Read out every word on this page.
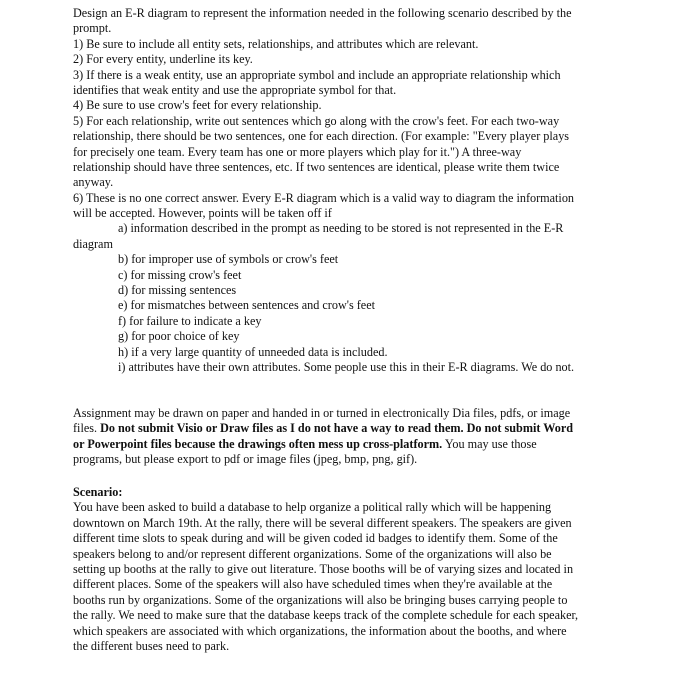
Design an E-R diagram to represent the information needed in the following scenario described by the
prompt.
1) Be sure to include all entity sets, relationships, and attributes which are relevant.
2) For every entity, underline its key.
3) If there is a weak entity, use an appropriate symbol and include an appropriate relationship which
identifies that weak entity and use the appropriate symbol for that.
4) Be sure to use crow's feet for every relationship.
5) For each relationship, write out sentences which go along with the crow's feet. For each two-way
relationship, there should be two sentences, one for each direction. (For example: "Every player plays
for precisely one team. Every team has one or more players which play for it.") A three-way
relationship should have three sentences, etc. If two sentences are identical, please write them twice
anyway.
6) These is no one correct answer. Every E-R diagram which is a valid way to diagram the information
will be accepted. However, points will be taken off if
a) information described in the prompt as needing to be stored is not represented in the E-R
diagram
b) for improper use of symbols or crow's feet
c) for missing crow's feet
d) for missing sentences
e) for mismatches between sentences and crow's feet
f) for failure to indicate a key
g) for poor choice of key
h) if a very large quantity of unneeded data is included.
i) attributes have their own attributes. Some people use this in their E-R diagrams. We do not.
Assignment may be drawn on paper and handed in or turned in electronically Dia files, pdfs, or image
files. Do not submit Visio or Draw files as I do not have a way to read them. Do not submit Word
or Powerpoint files because the drawings often mess up cross-platform. You may use those
programs, but please export to pdf or image files (jpeg, bmp, png, gif).
Scenario:
You have been asked to build a database to help organize a political rally which will be happening
downtown on March 19th. At the rally, there will be several different speakers. The speakers are given
different time slots to speak during and will be given coded id badges to identify them. Some of the
speakers belong to and/or represent different organizations. Some of the organizations will also be
setting up booths at the rally to give out literature. Those booths will be of varying sizes and located in
different places. Some of the speakers will also have scheduled times when they're available at the
booths run by organizations. Some of the organizations will also be bringing buses carrying people to
the rally. We need to make sure that the database keeps track of the complete schedule for each speaker,
which speakers are associated with which organizations, the information about the booths, and where
the different buses need to park.
